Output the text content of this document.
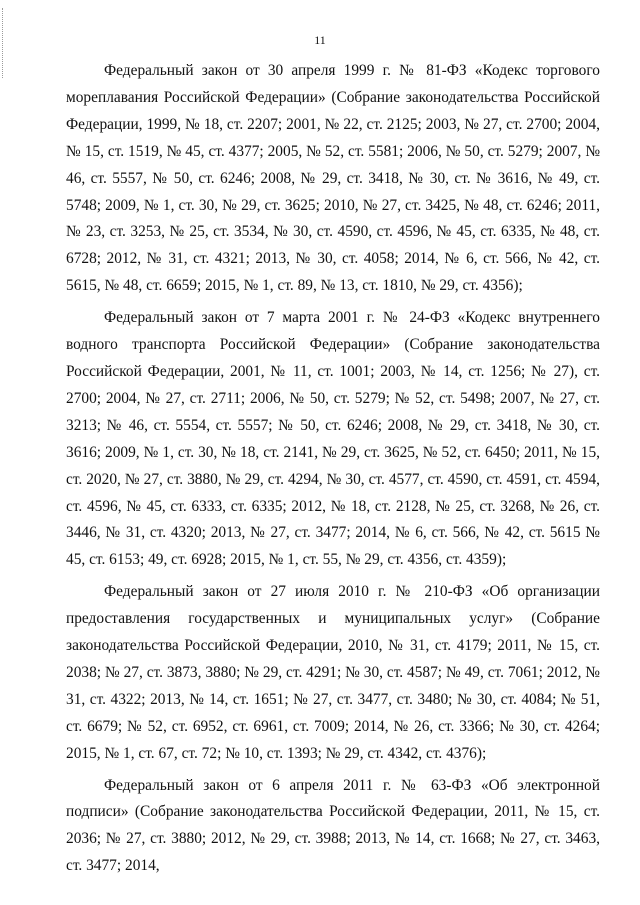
11

Федеральный закон от 30 апреля 1999 г. № 81-ФЗ «Кодекс торгового мореплавания Российской Федерации» (Собрание законодательства Российской Федерации, 1999, № 18, ст. 2207; 2001, № 22, ст. 2125; 2003, № 27, ст. 2700; 2004, № 15, ст. 1519, № 45, ст. 4377; 2005, № 52, ст. 5581; 2006, № 50, ст. 5279; 2007, № 46, ст. 5557, № 50, ст. 6246; 2008, № 29, ст. 3418, № 30, ст. № 3616, № 49, ст. 5748; 2009, № 1, ст. 30, № 29, ст. 3625; 2010, № 27, ст. 3425, № 48, ст. 6246; 2011, № 23, ст. 3253, № 25, ст. 3534, № 30, ст. 4590, ст. 4596, № 45, ст. 6335, № 48, ст. 6728; 2012, № 31, ст. 4321; 2013, № 30, ст. 4058; 2014, № 6, ст. 566, № 42, ст. 5615, № 48, ст. 6659; 2015, № 1, ст. 89, № 13, ст. 1810, № 29, ст. 4356);

Федеральный закон от 7 марта 2001 г. № 24-ФЗ «Кодекс внутреннего водного транспорта Российской Федерации» (Собрание законодательства Российской Федерации, 2001, № 11, ст. 1001; 2003, № 14, ст. 1256; № 27), ст. 2700; 2004, № 27, ст. 2711; 2006, № 50, ст. 5279; № 52, ст. 5498; 2007, № 27, ст. 3213; № 46, ст. 5554, ст. 5557; № 50, ст. 6246; 2008, № 29, ст. 3418, № 30, ст. 3616; 2009, № 1, ст. 30, № 18, ст. 2141, № 29, ст. 3625, № 52, ст. 6450; 2011, № 15, ст. 2020, № 27, ст. 3880, № 29, ст. 4294, № 30, ст. 4577, ст. 4590, ст. 4591, ст. 4594, ст. 4596, № 45, ст. 6333, ст. 6335; 2012, № 18, ст. 2128, № 25, ст. 3268, № 26, ст. 3446, № 31, ст. 4320; 2013, № 27, ст. 3477; 2014, № 6, ст. 566, № 42, ст. 5615 № 45, ст. 6153; 49, ст. 6928; 2015, № 1, ст. 55, № 29, ст. 4356, ст. 4359);

Федеральный закон от 27 июля 2010 г. № 210-ФЗ «Об организации предоставления государственных и муниципальных услуг» (Собрание законодательства Российской Федерации, 2010, № 31, ст. 4179; 2011, № 15, ст. 2038; № 27, ст. 3873, 3880; № 29, ст. 4291; № 30, ст. 4587; № 49, ст. 7061; 2012, № 31, ст. 4322; 2013, № 14, ст. 1651; № 27, ст. 3477, ст. 3480; № 30, ст. 4084; № 51, ст. 6679; № 52, ст. 6952, ст. 6961, ст. 7009; 2014, № 26, ст. 3366; № 30, ст. 4264; 2015, № 1, ст. 67, ст. 72; № 10, ст. 1393; № 29, ст. 4342, ст. 4376);

Федеральный закон от 6 апреля 2011 г. № 63-ФЗ «Об электронной подписи» (Собрание законодательства Российской Федерации, 2011, № 15, ст. 2036; № 27, ст. 3880; 2012, № 29, ст. 3988; 2013, № 14, ст. 1668; № 27, ст. 3463, ст. 3477; 2014,
